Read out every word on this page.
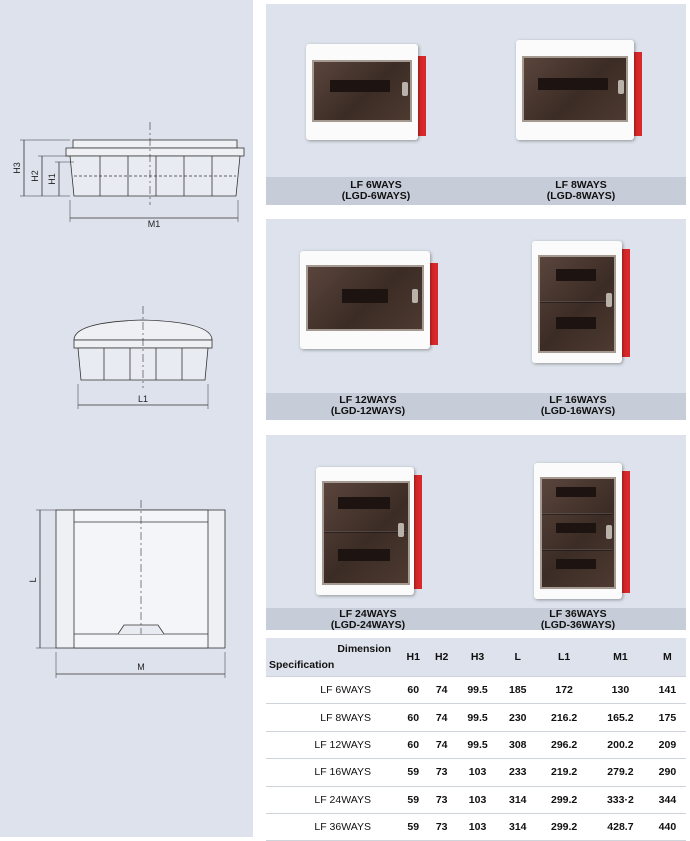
H3
H2 H1
M1
L1
L
M
LF 6WAYS
(LGD-6WAYS)
LF 8WAYS
(LGD-8WAYS)
LF 12WAYS
(LGD-12WAYS)
LF 16WAYS
(LGD-16WAYS)
LF 24WAYS
(LGD-24WAYS)
LF 36WAYS
(LGD-36WAYS)
Dimension
Specification	H1	H2	H3	L	L1	M1	M
LF 6WAYS	60	74	99.5	185	172	130	141
LF 8WAYS	60	74	99.5	230	216.2	165.2	175
LF 12WAYS	60	74	99.5	308	296.2	200.2	209
LF 16WAYS	59	73	103	233	219.2	279.2	290
LF 24WAYS	59	73	103	314	299.2	333·2	344
LF 36WAYS	59	73	103	314	299.2	428.7	440
